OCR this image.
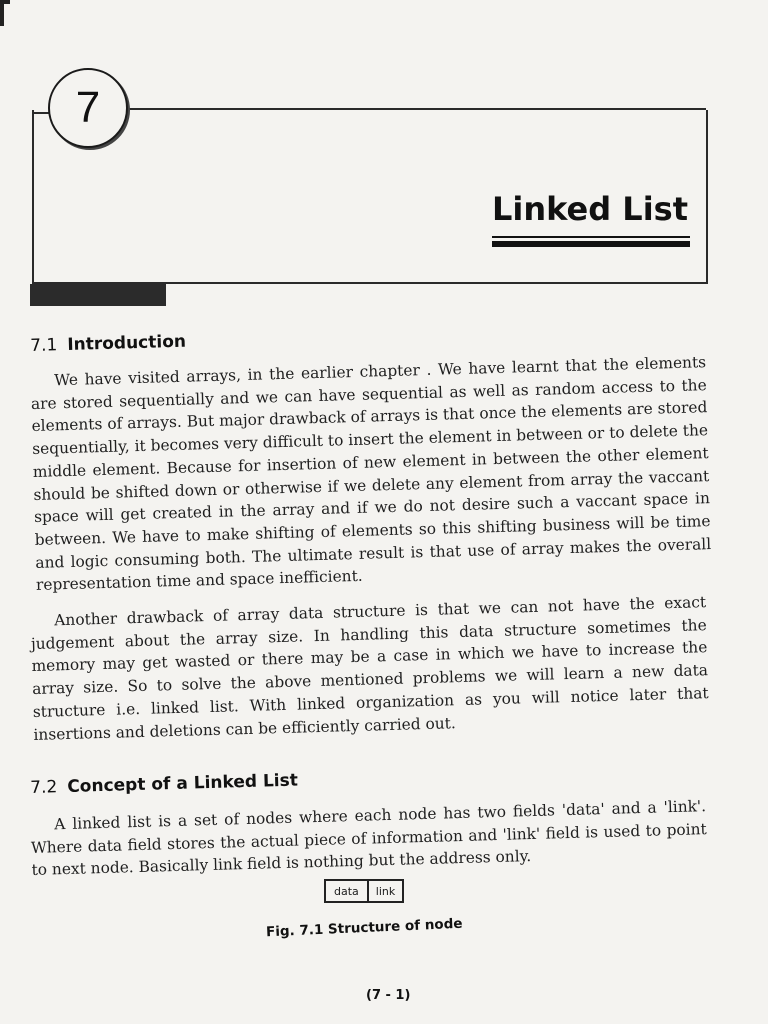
7
Linked List
7.1 Introduction

We have visited arrays, in the earlier chapter . We have learnt that the elements are stored sequentially and we can have sequential as well as random access to the elements of arrays. But major drawback of arrays is that once the elements are stored sequentially, it becomes very difficult to insert the element in between or to delete the middle element. Because for insertion of new element in between the other element should be shifted down or otherwise if we delete any element from array the vaccant space will get created in the array and if we do not desire such a vaccant space in between. We have to make shifting of elements so this shifting business will be time and logic consuming both. The ultimate result is that use of array makes the overall representation time and space inefficient.

Another drawback of array data structure is that we can not have the exact judgement about the array size. In handling this data structure sometimes the memory may get wasted or there may be a case in which we have to increase the array size. So to solve the above mentioned problems we will learn a new data structure i.e. linked list. With linked organization as you will notice later that insertions and deletions can be efficiently carried out.

7.2 Concept of a Linked List

A linked list is a set of nodes where each node has two fields 'data' and a 'link'. Where data field stores the actual piece of information and 'link' field is used to point to next node. Basically link field is nothing but the address only.

data	link

Fig. 7.1 Structure of node

(7 - 1)
